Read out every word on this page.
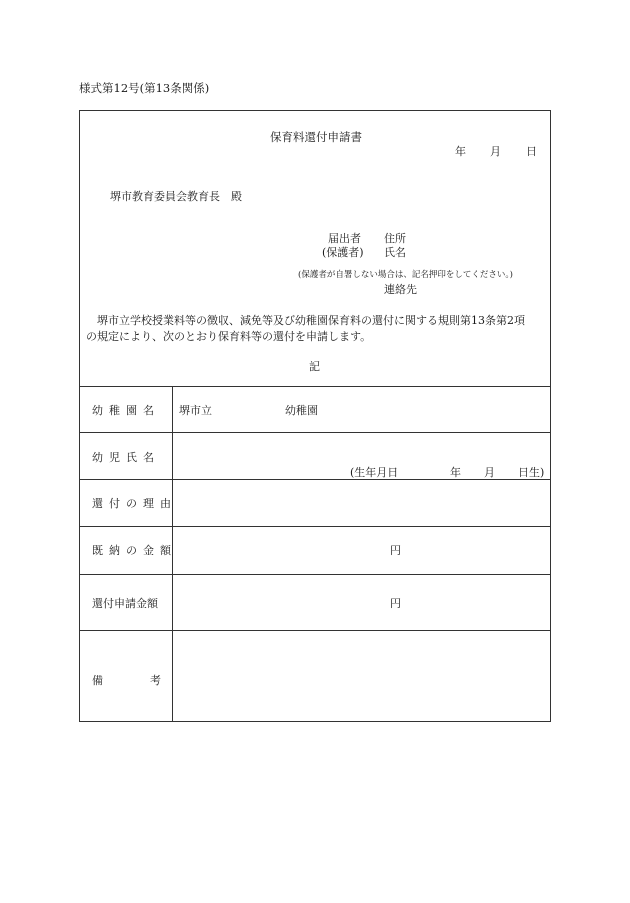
様式第12号(第13条関係)
保育料還付申請書
年 月 日
堺市教育委員会教育長　殿
届出者 住所
(保護者) 氏名
(保護者が自署しない場合は、記名押印をしてください。)
連絡先
　堺市立学校授業料等の徴収、減免等及び幼稚園保育料の還付に関する規則第13条第2項
の規定により、次のとおり保育料等の還付を申請します。
記
幼稚園名 堺市立	幼稚園
幼児氏名
(生年月日	年 月 日生)
還付の理由
既納の金額	円
還付申請金額	円
備	考
